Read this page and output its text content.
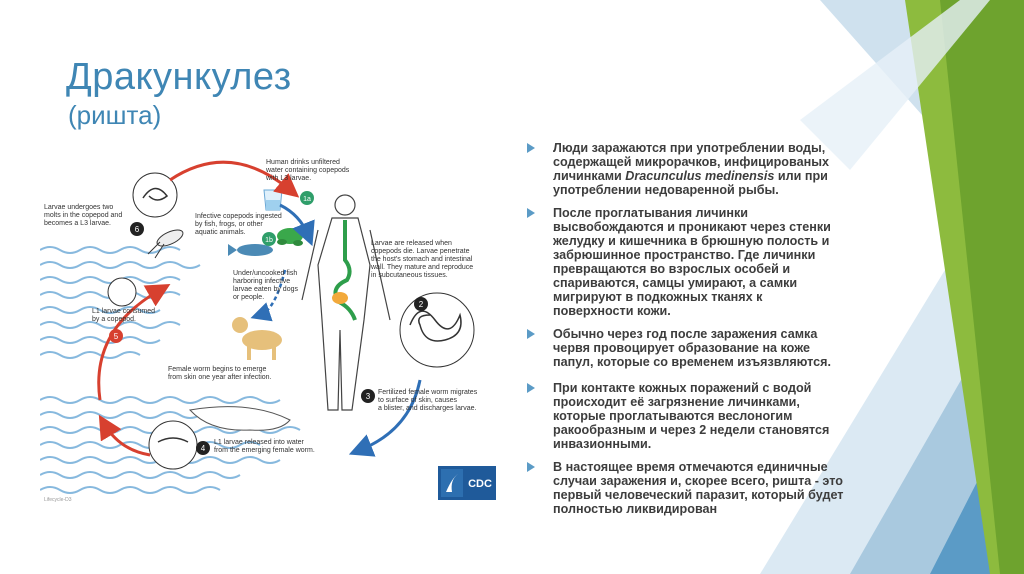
Дракункулез
(ришта)
1a
1b
2
3
4
5
6
Human drinks unfiltered water containing copepods with L3 larvae.
Infective copepods ingested by fish, frogs, or other aquatic animals.
Under/uncooked fish harboring infective larvae eaten by dogs or people.
Larvae are released when copepods die. Larvae penetrate the host's stomach and intestinal wall. They mature and reproduce in subcutaneous tissues.
Fertilized female worm migrates to surface of skin, causes a blister, and discharges larvae.
L1 larvae released into water from the emerging female worm.
L1 larvae consumed by a copepod.
Larvae undergoes two molts in the copepod and becomes a L3 larvae.
Female worm begins to emerge from skin one year after infection.
CDC
Lifecycle-D3
Люди заражаются при употреблении воды, содержащей микрорачков, инфицированых личинками Dracunculus medinensis или при употреблении недоваренной рыбы.
После проглатывания личинки высвобождаются и проникают через стенки желудку и кишечника в брюшную полость и забрюшинное пространство. Где личинки превращаются во взрослых особей и спариваются, самцы умирают, а самки мигрируют в подкожных тканях к поверхности кожи.
Обычно через год после заражения самка червя провоцирует образование на коже папул, которые со временем изъязвляются.
При контакте кожных поражений с водой происходит её загрязнение личинками, которые проглатываются веслоногим ракообразным и через 2 недели становятся инвазионными.
В настоящее время отмечаются единичные случаи заражения и, скорее всего, ришта - это первый человеческий паразит, который будет полностью ликвидирован
